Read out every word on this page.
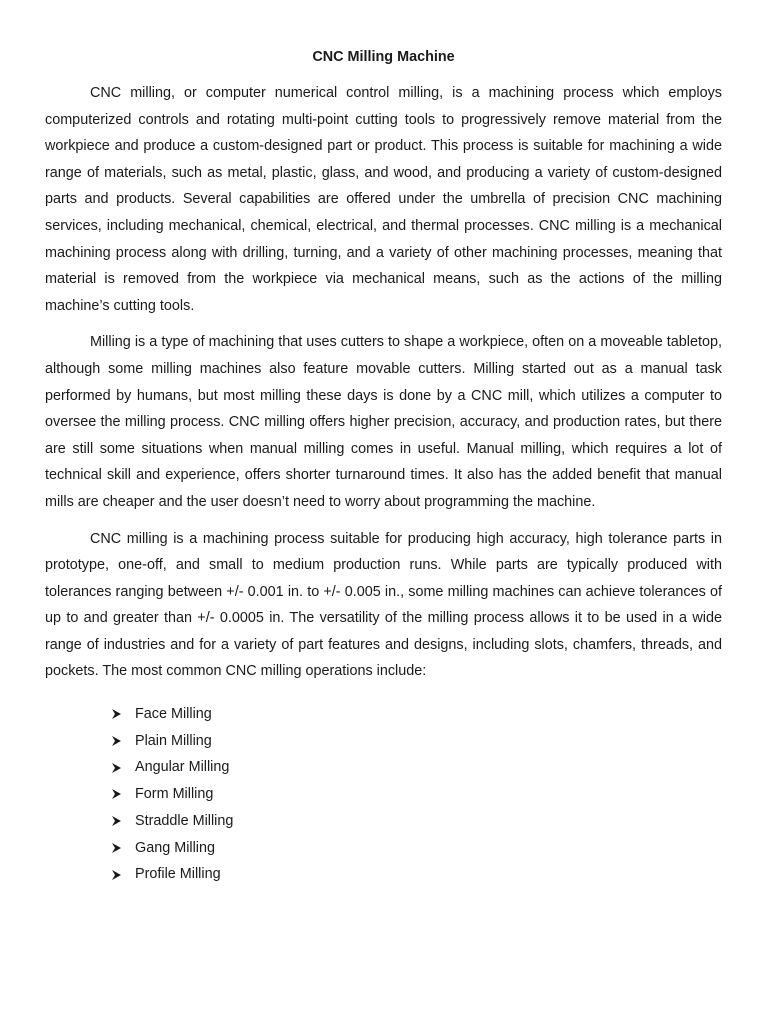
CNC Milling Machine

CNC milling, or computer numerical control milling, is a machining process which employs computerized controls and rotating multi-point cutting tools to progressively remove material from the workpiece and produce a custom-designed part or product. This process is suitable for machining a wide range of materials, such as metal, plastic, glass, and wood, and producing a variety of custom-designed parts and products. Several capabilities are offered under the umbrella of precision CNC machining services, including mechanical, chemical, electrical, and thermal processes. CNC milling is a mechanical machining process along with drilling, turning, and a variety of other machining processes, meaning that material is removed from the workpiece via mechanical means, such as the actions of the milling machine’s cutting tools.

Milling is a type of machining that uses cutters to shape a workpiece, often on a moveable tabletop, although some milling machines also feature movable cutters. Milling started out as a manual task performed by humans, but most milling these days is done by a CNC mill, which utilizes a computer to oversee the milling process. CNC milling offers higher precision, accuracy, and production rates, but there are still some situations when manual milling comes in useful. Manual milling, which requires a lot of technical skill and experience, offers shorter turnaround times. It also has the added benefit that manual mills are cheaper and the user doesn’t need to worry about programming the machine.

CNC milling is a machining process suitable for producing high accuracy, high tolerance parts in prototype, one-off, and small to medium production runs. While parts are typically produced with tolerances ranging between +/- 0.001 in. to +/- 0.005 in., some milling machines can achieve tolerances of up to and greater than +/- 0.0005 in. The versatility of the milling process allows it to be used in a wide range of industries and for a variety of part features and designs, including slots, chamfers, threads, and pockets. The most common CNC milling operations include:

Face Milling
Plain Milling
Angular Milling
Form Milling
Straddle Milling
Gang Milling
Profile Milling
